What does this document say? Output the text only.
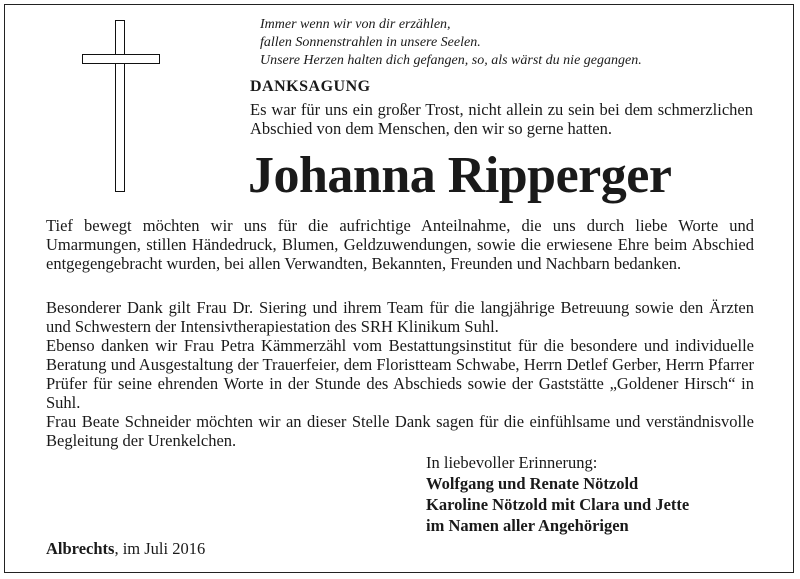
Immer wenn wir von dir erzählen,
fallen Sonnenstrahlen in unsere Seelen.
Unsere Herzen halten dich gefangen, so, als wärst du nie gegangen.
DANKSAGUNG
Es war für uns ein großer Trost, nicht allein zu sein bei dem schmerzlichen Abschied von dem Menschen, den wir so gerne hatten.
Johanna Ripperger

Tief bewegt möchten wir uns für die aufrichtige Anteilnahme, die uns durch liebe Worte und Umarmungen, stillen Händedruck, Blumen, Geldzuwendungen, sowie die erwiesene Ehre beim Abschied entgegengebracht wurden, bei allen Verwandten, Bekannten, Freunden und Nachbarn bedanken.

Besonderer Dank gilt Frau Dr. Siering und ihrem Team für die langjährige Betreuung sowie den Ärzten und Schwestern der Intensivtherapiestation des SRH Klinikum Suhl.

Ebenso danken wir Frau Petra Kämmerzähl vom Bestattungsinstitut für die besondere und individuelle Beratung und Ausgestaltung der Trauerfeier, dem Floristteam Schwabe, Herrn Detlef Gerber, Herrn Pfarrer Prüfer für seine ehrenden Worte in der Stunde des Abschieds sowie der Gaststätte „Goldener Hirsch“ in Suhl.

Frau Beate Schneider möchten wir an dieser Stelle Dank sagen für die einfühlsame und verständnisvolle Begleitung der Urenkelchen.

In liebevoller Erinnerung:
Wolfgang und Renate Nötzold
Karoline Nötzold mit Clara und Jette
im Namen aller Angehörigen
Albrechts, im Juli 2016
